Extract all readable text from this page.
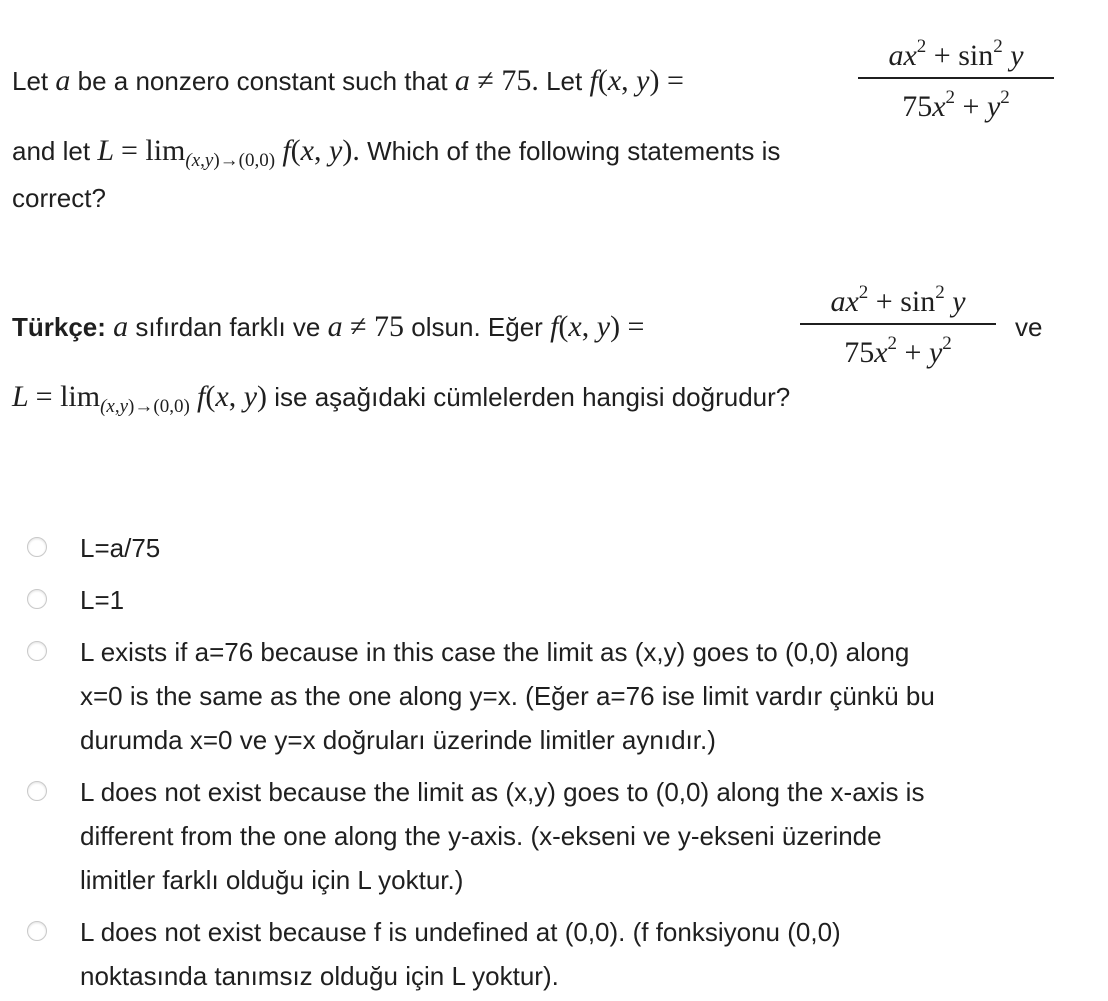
Let a be a nonzero constant such that a ≠ 75. Let f(x, y) =
$ax^2 + \sin^2 y$
$75x^2 + y^2$
and let $L = \lim_{(x,y)\to(0,0)} f(x$, y). Which of the following statements is
correct?
Türkçe: a sıfırdan farklı ve a ≠ 75 olsun. Eğer f(x, y) =
$ax^2 + \sin^2 y$
$75x^2 + y^2$
ve
$L = \lim_{(x,y)\to(0,0)} f(x$, y) ise aşağıdaki cümlelerden hangisi doğrudur?
L=a/75
L=1
L exists if a=76 because in this case the limit as (x,y) goes to (0,0) along
x=0 is the same as the one along y=x. (Eğer a=76 ise limit vardır çünkü bu
durumda x=0 ve y=x doğruları üzerinde limitler aynıdır.)
L does not exist because the limit as (x,y) goes to (0,0) along the x-axis is
different from the one along the y-axis. (x-ekseni ve y-ekseni üzerinde
limitler farklı olduğu için L yoktur.)
L does not exist because f is undefined at (0,0). (f fonksiyonu (0,0)
noktasında tanımsız olduğu için L yoktur).
